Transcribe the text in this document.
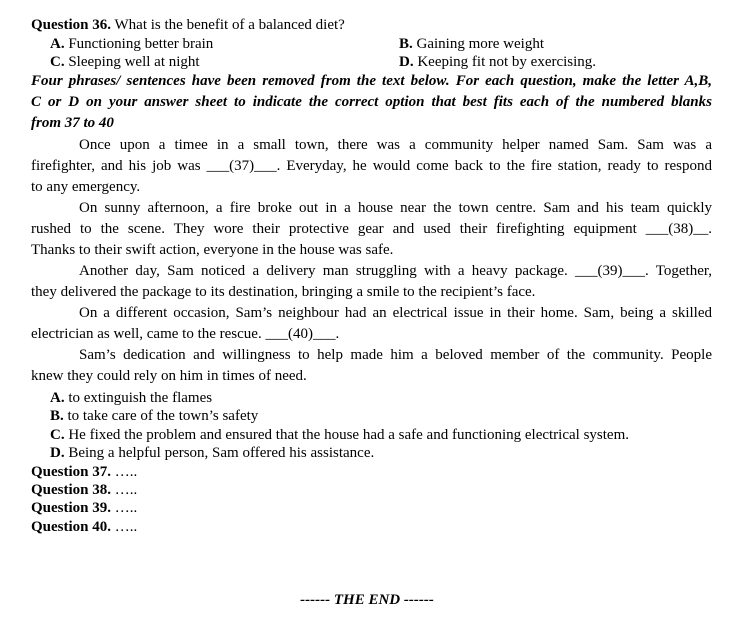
Question 36. What is the benefit of a balanced diet?
A. Functioning better brain	B. Gaining more weight
C. Sleeping well at night	D. Keeping fit not by exercising.
Four phrases/ sentences have been removed from the text below. For each question, make the letter A,B,
C or D on your answer sheet to indicate the correct option that best fits each of the numbered blanks
from 37 to 40
Once upon a timee in a small town, there was a community helper named Sam. Sam was a
firefighter, and his job was ___(37)___. Everyday, he would come back to the fire station, ready to respond
to any emergency.
On sunny afternoon, a fire broke out in a house near the town centre. Sam and his team quickly
rushed to the scene. They wore their protective gear and used their firefighting equipment ___(38)__.
Thanks to their swift action, everyone in the house was safe.
Another day, Sam noticed a delivery man struggling with a heavy package. ___(39)___. Together,
they delivered the package to its destination, bringing a smile to the recipient’s face.
On a different occasion, Sam’s neighbour had an electrical issue in their home. Sam, being a skilled
electrician as well, came to the rescue. ___(40)___.
Sam’s dedication and willingness to help made him a beloved member of the community. People
knew they could rely on him in times of need.
A. to extinguish the flames
B. to take care of the town’s safety
C. He fixed the problem and ensured that the house had a safe and functioning electrical system.
D. Being a helpful person, Sam offered his assistance.
Question 37. …..
Question 38. …..
Question 39. …..
Question 40. …..
------ THE END ------
